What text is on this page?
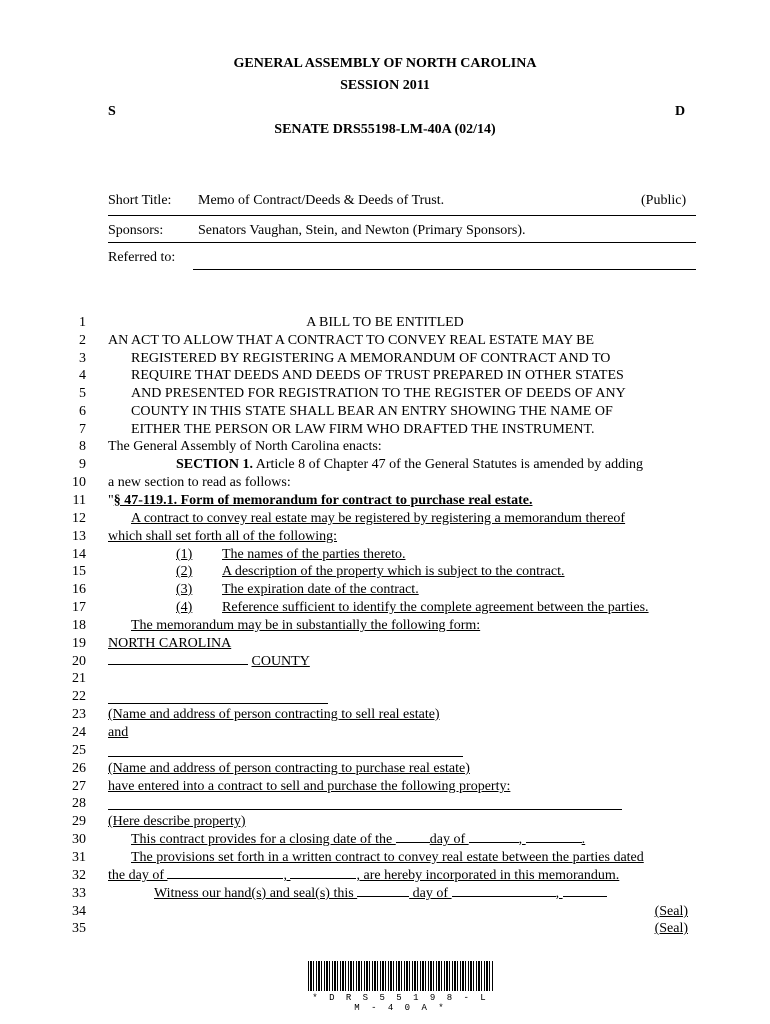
GENERAL ASSEMBLY OF NORTH CAROLINA
SESSION 2011
S	D
SENATE DRS55198-LM-40A (02/14)
Short Title: Memo of Contract/Deeds & Deeds of Trust.	(Public)
Sponsors: Senators Vaughan, Stein, and Newton (Primary Sponsors).
Referred to:
1
2
3
4
5
6
7
8
9
10
11
12
13
14
15
16
17
18
19
20
21
22
23
24
25
26
27
28
29
30
31
32
33
34
35
A BILL TO BE ENTITLED
AN ACT TO ALLOW THAT A CONTRACT TO CONVEY REAL ESTATE MAY BE
REGISTERED BY REGISTERING A MEMORANDUM OF CONTRACT AND TO
REQUIRE THAT DEEDS AND DEEDS OF TRUST PREPARED IN OTHER STATES
AND PRESENTED FOR REGISTRATION TO THE REGISTER OF DEEDS OF ANY
COUNTY IN THIS STATE SHALL BEAR AN ENTRY SHOWING THE NAME OF
EITHER THE PERSON OR LAW FIRM WHO DRAFTED THE INSTRUMENT.
The General Assembly of North Carolina enacts:
SECTION 1. Article 8 of Chapter 47 of the General Statutes is amended by adding
a new section to read as follows:
"§ 47-119.1. Form of memorandum for contract to purchase real estate.
A contract to convey real estate may be registered by registering a memorandum thereof
which shall set forth all of the following:
(1) The names of the parties thereto.
(2) A description of the property which is subject to the contract.
(3) The expiration date of the contract.
(4) Reference sufficient to identify the complete agreement between the parties.
The memorandum may be in substantially the following form:
NORTH CAROLINA
COUNTY
(Name and address of person contracting to sell real estate)
and
(Name and address of person contracting to purchase real estate)
have entered into a contract to sell and purchase the following property:
(Here describe property)
This contract provides for a closing date of the day of	,	.
The provisions set forth in a written contract to convey real estate between the parties dated
the day of	,	, are hereby incorporated in this memorandum.
Witness our hand(s) and seal(s) this	day of	,
(Seal)
(Seal)
* D R S 5 5 1 9 8 - L M - 4 0 A *
